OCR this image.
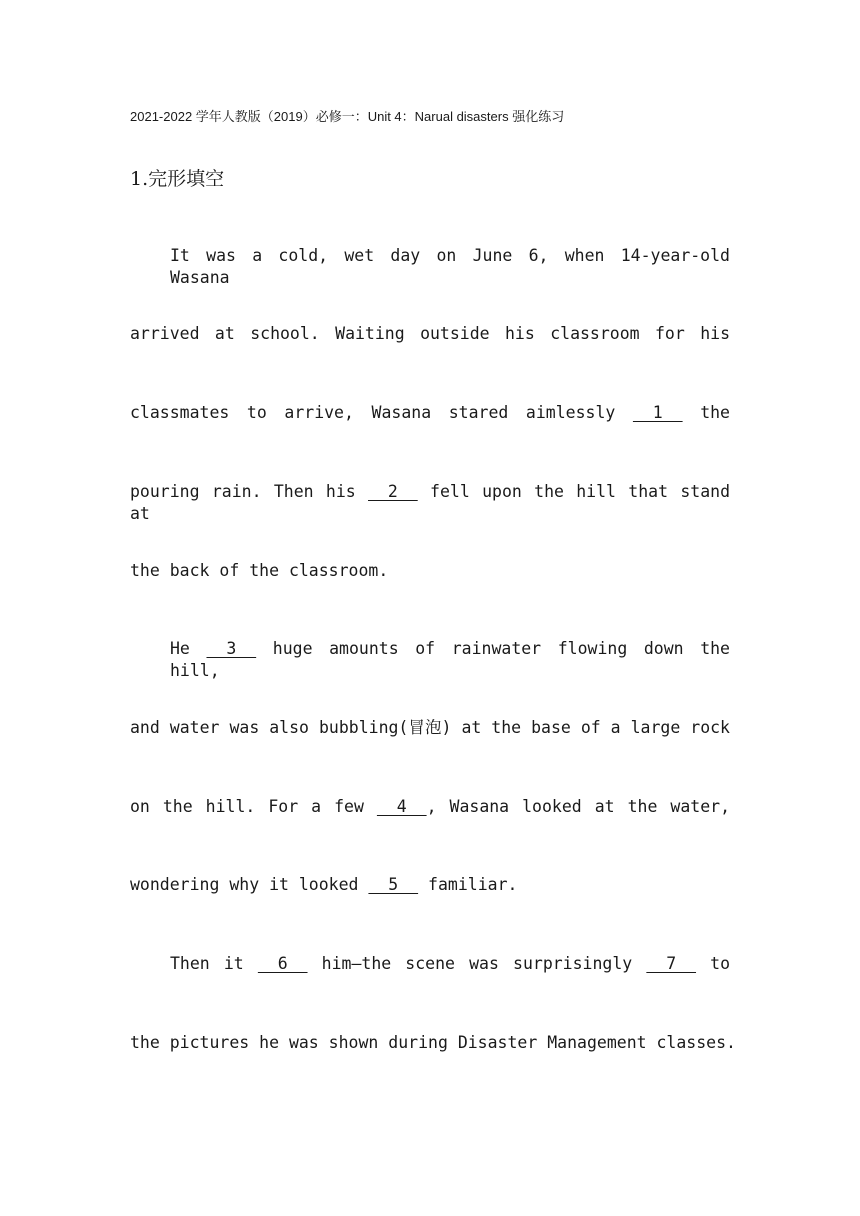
2021-2022 学年人教版（2019）必修一：Unit 4：Narual disasters 强化练习
1.完形填空
It was a cold, wet day on June 6, when 14-year-old Wasana
arrived at school. Waiting outside his classroom for his
classmates to arrive, Wasana stared aimlessly   1   the
pouring rain. Then his   2   fell upon the hill that stand at
the back of the classroom.
He   3   huge amounts of rainwater flowing down the hill,
and water was also bubbling(冒泡) at the base of a large rock
on the hill. For a few   4  , Wasana looked at the water,
wondering why it looked   5   familiar.
Then it   6   him—the scene was surprisingly   7   to
the pictures he was shown during Disaster Management classes.
